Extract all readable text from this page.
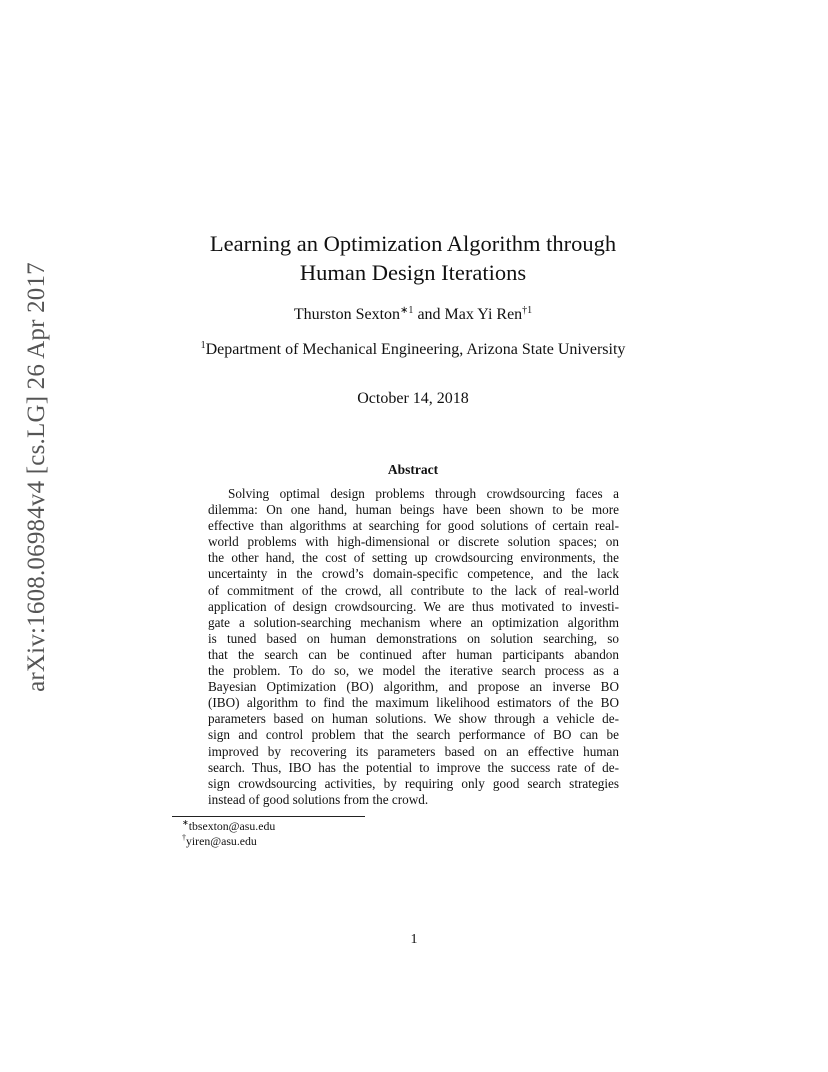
arXiv:1608.06984v4 [cs.LG] 26 Apr 2017
Learning an Optimization Algorithm through
Human Design Iterations
Thurston Sexton$^{∗1}$ and Max Yi Ren$^{\dagger 1}$
$^1$Department of Mechanical Engineering, Arizona State University
October 14, 2018
Abstract
Solving optimal design problems through crowdsourcing faces a
dilemma: On one hand, human beings have been shown to be more
effective than algorithms at searching for good solutions of certain real-
world problems with high-dimensional or discrete solution spaces; on
the other hand, the cost of setting up crowdsourcing environments, the
uncertainty in the crowd’s domain-specific competence, and the lack
of commitment of the crowd, all contribute to the lack of real-world
application of design crowdsourcing. We are thus motivated to investi-
gate a solution-searching mechanism where an optimization algorithm
is tuned based on human demonstrations on solution searching, so
that the search can be continued after human participants abandon
the problem. To do so, we model the iterative search process as a
Bayesian Optimization (BO) algorithm, and propose an inverse BO
(IBO) algorithm to find the maximum likelihood estimators of the BO
parameters based on human solutions. We show through a vehicle de-
sign and control problem that the search performance of BO can be
improved by recovering its parameters based on an effective human
search. Thus, IBO has the potential to improve the success rate of de-
sign crowdsourcing activities, by requiring only good search strategies
instead of good solutions from the crowd.
∗tbsexton@asu.edu
†yiren@asu.edu
1
